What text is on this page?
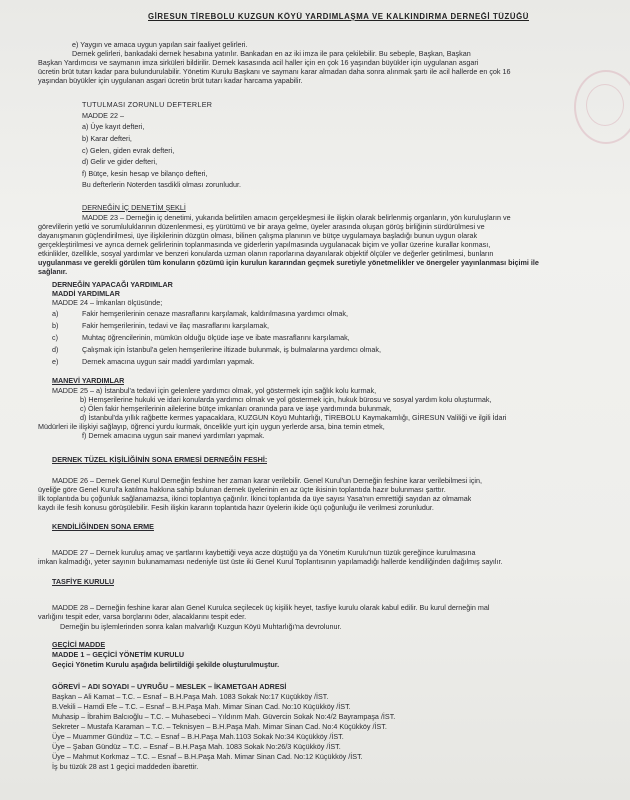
GİRESUN TİREBOLU KUZGUN KÖYÜ YARDIMLAŞMA VE KALKINDIRMA DERNEĞİ TÜZÜĞÜ
e) Yaygın ve amaca uygun yapılan sair faaliyet gelirleri.
Dernek gelirleri, bankadaki dernek hesabına yatırılır. Bankadan en az iki imza ile para çekilebilir. Bu sebeple, Başkan, Başkan
Başkan Yardımcısı ve saymanın imza sirküleri bildirilir. Dernek kasasında acil haller için en çok 16 yaşından büyükler için uygulanan asgari
ücretin brüt tutarı kadar para bulundurulabilir. Yönetim Kurulu Başkanı ve saymanı karar almadan daha sonra alınmak şartı ile acil hallerde en çok 16
yaşından büyükler için uygulanan asgari ücretin brüt tutarı kadar harcama yapabilir.
TUTULMASI ZORUNLU DEFTERLER
MADDE 22 –
a) Üye kayıt defteri,
b) Karar defteri,
c) Gelen, giden evrak defteri,
d) Gelir ve gider defteri,
f) Bütçe, kesin hesap ve bilanço defteri,
Bu defterlerin Noterden tasdikli olması zorunludur.
DERNEĞİN İÇ DENETİM ŞEKLİ
MADDE 23 – Derneğin iç denetimi, yukarıda belirtilen amacın gerçekleşmesi ile ilişkin olarak belirlenmiş organların, yön kuruluşların ve
görevlilerin yetki ve sorumluluklarının düzenlenmesi, eş yürütümü ve bir araya gelme, üyeler arasında oluşan görüş birliğinin sürdürülmesi ve
dayanışmanın güçlendirilmesi, üye ilişkilerinin düzgün olması, bilinen çalışma planının ve bütçe uygulamaya başladığı bunun uygun olarak
gerçekleştirilmesi ve ayrıca dernek gelirlerinin toplanmasında ve giderlerin yapılmasında uygulanacak biçim ve yollar üzerine kurallar konması,
etkinlikler, özellikle, sosyal yardımlar ve benzeri konularda uzman olanın raporlarına dayanılarak objektif ölçüler ve değerler getirilmesi, bunların
uygulanması ve gerekli görülen tüm konuların çözümü için kurulun kararından geçmek suretiyle yönetmelikler ve önergeler yayınlanması biçimi ile
sağlanır.
DERNEĞİN YAPACAĞI YARDIMLAR
MADDİ YARDIMLAR
MADDE 24 – İmkanları ölçüsünde;
a)	Fakir hemşerilerinin cenaze masraflarını karşılamak, kaldırılmasına yardımcı olmak,
b)	Fakir hemşerilerinin, tedavi ve ilaç masraflarını karşılamak,
c)	Muhtaç öğrencilerinin, mümkün olduğu ölçüde iaşe ve ibate masraflarını karşılamak,
d)	Çalışmak için İstanbul'a gelen hemşerilerine iltizade bulunmak, iş bulmalarına yardımcı olmak,
e)	Dernek amacına uygun sair maddi yardımları yapmak.
MANEVİ YARDIMLAR
MADDE 25 – a) İstanbul'a tedavi için gelenlere yardımcı olmak, yol göstermek için sağlık kolu kurmak,
b) Hemşerilerine hukuki ve idari konularda yardımcı olmak ve yol göstermek için, hukuk bürosu ve sosyal yardım kolu oluşturmak,
c) Ölen fakir hemşerilerinin ailelerine bütçe imkanları oranında para ve iaşe yardımında bulunmak,
d) İstanbul'da yıllık rağbette kermes yapacaklara, KUZGUN Köyü Muhtarlığı, TİREBOLU Kaymakamlığı, GİRESUN Valiliği ve ilgili İdari
Müdürleri ile ilişkiyi sağlayıp, öğrenci yurdu kurmak, öncelikle yurt için uygun yerlerde arsa, bina temin etmek,
f) Dernek amacına uygun sair manevi yardımları yapmak.
DERNEK TÜZEL KİŞİLİĞİNİN SONA ERMESİ DERNEĞİN FESHİ:
MADDE 26 – Dernek Genel Kurul Derneğin feshine her zaman karar verilebilir. Genel Kurul'un Derneğin feshine karar verilebilmesi için,
üyeliğe göre Genel Kurul'a katılma hakkına sahip bulunan dernek üyelerinin en az üçte ikisinin toplantıda hazır bulunması şarttır.
İlk toplantıda bu çoğunluk sağlanamazsa, ikinci toplantıya çağırılır. İkinci toplantıda da üye sayısı Yasa'nın emrettiği sayıdan az olmamak
kaydı ile fesih konusu görüşülebilir. Fesih ilişkin kararın toplantıda hazır üyelerin ikide üçü çoğunluğu ile verilmesi zorunludur.
KENDİLİĞİNDEN SONA ERME
MADDE 27 – Dernek kuruluş amaç ve şartlarını kaybettiği veya acze düştüğü ya da Yönetim Kurulu'nun tüzük gereğince kurulmasına
imkan kalmadığı, yeter sayının bulunamaması nedeniyle üst üste iki Genel Kurul Toplantısının yapılamadığı hallerde kendiliğinden dağılmış sayılır.
TASFİYE KURULU
MADDE 28 – Derneğin feshine karar alan Genel Kurulca seçilecek üç kişilik heyet, tasfiye kurulu olarak kabul edilir. Bu kurul derneğin mal
varlığını tespit eder, varsa borçlarını öder, alacaklarını tespit eder.
Derneğin bu işlemlerinden sonra kalan malvarlığı Kuzgun Köyü Muhtarlığı'na devrolunur.
GEÇİCİ MADDE
MADDE 1 – GEÇİCİ YÖNETİM KURULU
Geçici Yönetim Kurulu aşağıda belirtildiği şekilde oluşturulmuştur.
GÖREVİ – ADI SOYADI – UYRUĞU – MESLEK – İKAMETGAH ADRESİ
Başkan – Ali Kamat – T.C. – Esnaf – B.H.Paşa Mah. 1083 Sokak No:17 Küçükköy /İST.
B.Vekili – Hamdi Efe – T.C. – Esnaf – B.H.Paşa Mah. Mimar Sinan Cad. No:10 Küçükköy /İST.
Muhasip – İbrahim Balcıoğlu – T.C. – Muhasebeci – Yıldırım Mah. Güvercin Sokak No:4/2 Bayrampaşa /İST.
Sekreter – Mustafa Karaman – T.C. – Teknisyen – B.H.Paşa Mah. Mimar Sinan Cad. No:4 Küçükköy /İST.
Üye – Muammer Gündüz – T.C. – Esnaf – B.H.Paşa Mah.1103 Sokak No:34 Küçükköy /İST.
Üye – Şaban Gündüz – T.C. – Esnaf – B.H.Paşa Mah. 1083 Sokak No:26/3 Küçükköy /İST.
Üye – Mahmut Korkmaz – T.C. – Esnaf – B.H.Paşa Mah. Mimar Sinan Cad. No:12 Küçükköy /İST.
İş bu tüzük 28 ast 1 geçici maddeden ibarettir.
